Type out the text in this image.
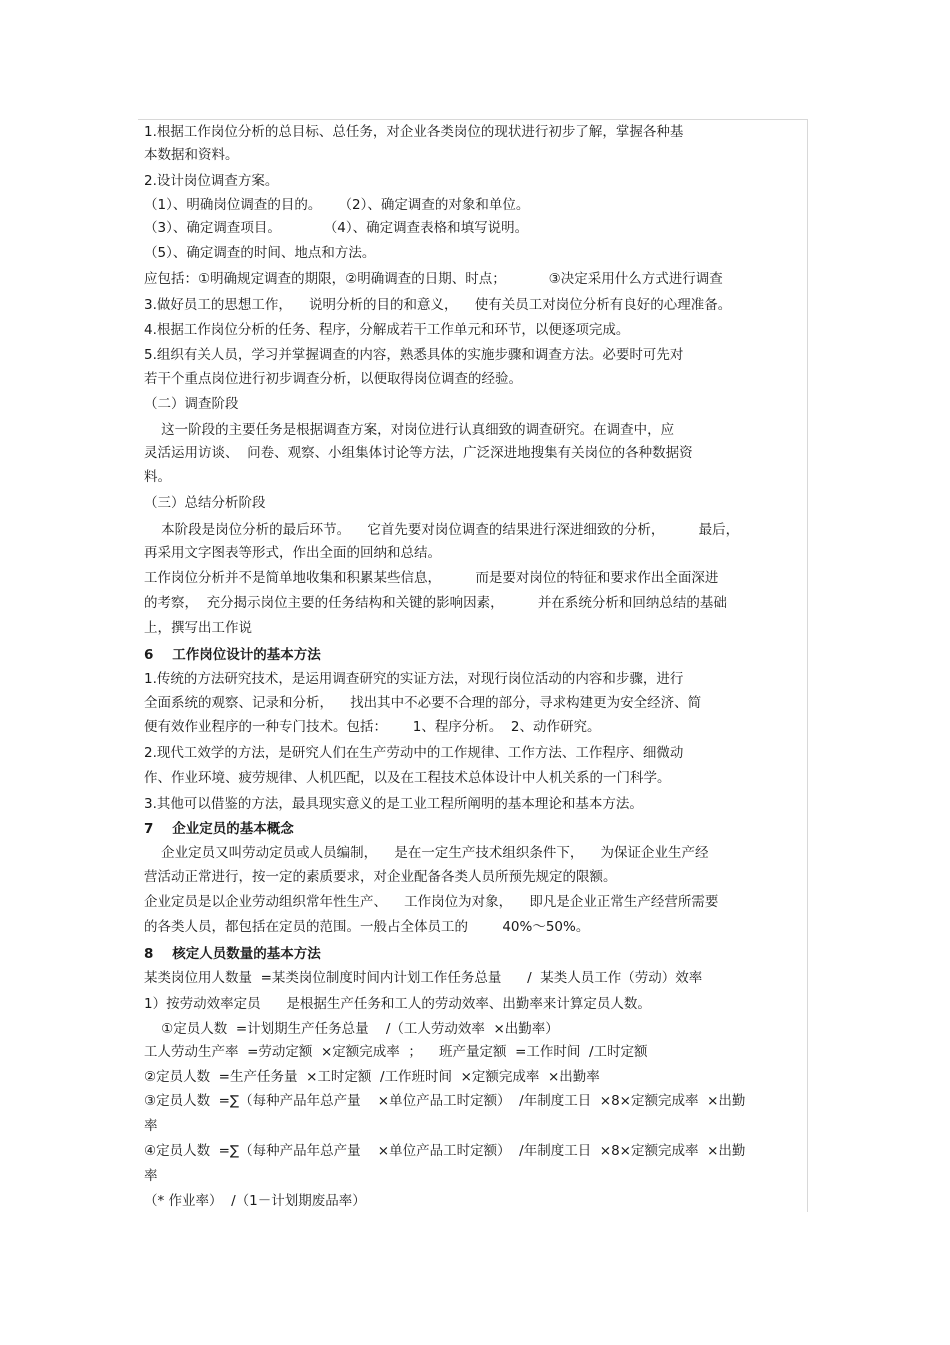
1.根据工作岗位分析的总目标、总任务，对企业各类岗位的现状进行初步了解，掌握各种基

本数据和资料。

2.设计岗位调查方案。

（1）、明确岗位调查的目的。    （2）、确定调查的对象和单位。

（3）、确定调查项目。          （4）、确定调查表格和填写说明。

（5）、确定调查的时间、地点和方法。

应包括：①明确规定调查的期限，②明确调查的日期、时点；          ③决定采用什么方式进行调查

3.做好员工的思想工作，    说明分析的目的和意义，    使有关员工对岗位分析有良好的心理准备。

4.根据工作岗位分析的任务、程序，分解成若干工作单元和环节，以便逐项完成。

5.组织有关人员，学习并掌握调查的内容，熟悉具体的实施步骤和调查方法。必要时可先对

若干个重点岗位进行初步调查分析，以便取得岗位调查的经验。

（二）调查阶段

这一阶段的主要任务是根据调查方案，对岗位进行认真细致的调查研究。在调查中，应

灵活运用访谈、  问卷、观察、小组集体讨论等方法，广泛深进地搜集有关岗位的各种数据资

料。

（三）总结分析阶段

本阶段是岗位分析的最后环节。    它首先要对岗位调查的结果进行深进细致的分析，        最后，

再采用文字图表等形式，作出全面的回纳和总结。

工作岗位分析并不是简单地收集和积累某些信息，        而是要对岗位的特征和要求作出全面深进

的考察，  充分揭示岗位主要的任务结构和关键的影响因素，        并在系统分析和回纳总结的基础

上，撰写出工作说

6    工作岗位设计的基本方法

1.传统的方法研究技术，是运用调查研究的实证方法，对现行岗位活动的内容和步骤，进行

全面系统的观察、记录和分析，    找出其中不必要不合理的部分，寻求构建更为安全经济、简

便有效作业程序的一种专门技术。包括：      1、程序分析。  2、动作研究。

2.现代工效学的方法，是研究人们在生产劳动中的工作规律、工作方法、工作程序、细微动

作、作业环境、疲劳规律、人机匹配，以及在工程技术总体设计中人机关系的一门科学。

3.其他可以借鉴的方法，最具现实意义的是工业工程所阐明的基本理论和基本方法。

7    企业定员的基本概念

企业定员又叫劳动定员或人员编制，    是在一定生产技术组织条件下，    为保证企业生产经

营活动正常进行，按一定的素质要求，对企业配备各类人员所预先规定的限额。

企业定员是以企业劳动组织常年性生产、    工作岗位为对象，    即凡是企业正常生产经营所需要

的各类人员，都包括在定员的范围。一般占全体员工的        40%～50%。

8    核定人员数量的基本方法

某类岗位用人数量  =某类岗位制度时间内计划工作任务总量      /  某类人员工作（劳动）效率

1）按劳动效率定员      是根据生产任务和工人的劳动效率、出勤率来计算定员人数。

①定员人数  =计划期生产任务总量    /（工人劳动效率  ×出勤率）

工人劳动生产率  =劳动定额  ×定额完成率  ；    班产量定额  =工作时间  /工时定额

②定员人数  =生产任务量  ×工时定额  /工作班时间  ×定额完成率  ×出勤率

③定员人数  =∑（每种产品年总产量    ×单位产品工时定额）  /年制度工日  ×8×定额完成率  ×出勤

率

④定员人数  =∑（每种产品年总产量    ×单位产品工时定额）  /年制度工日  ×8×定额完成率  ×出勤

率

（* 作业率）  /（1－计划期废品率）
